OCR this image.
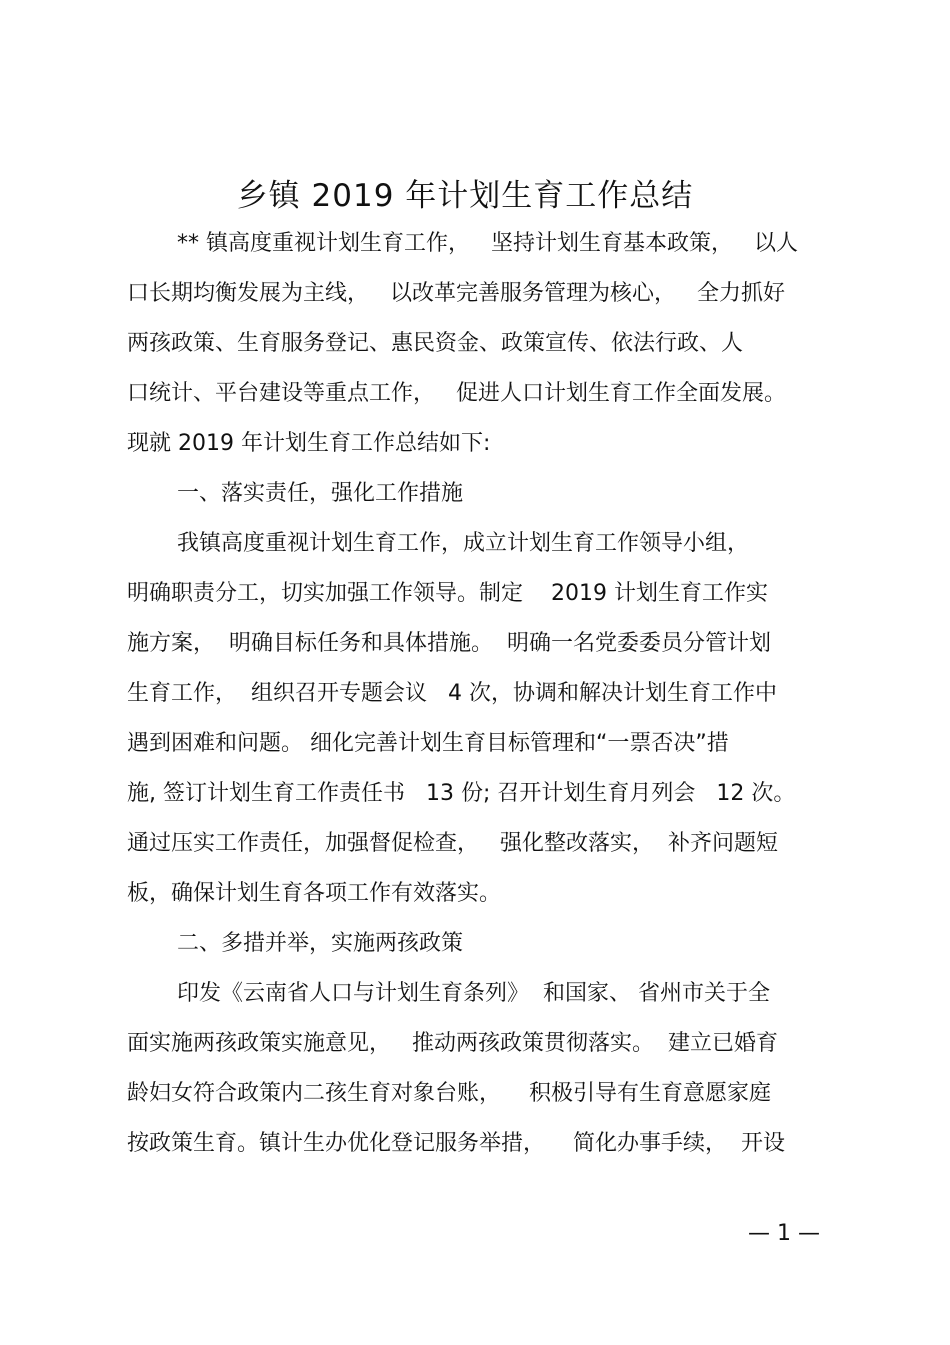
乡镇 2019 年计划生育工作总结
** 镇高度重视计划生育工作，   坚持计划生育基本政策，   以人
口长期均衡发展为主线，   以改革完善服务管理为核心，   全力抓好
两孩政策、生育服务登记、惠民资金、政策宣传、依法行政、人
口统计、平台建设等重点工作，   促进人口计划生育工作全面发展。
现就 2019 年计划生育工作总结如下:
一、落实责任，强化工作措施
我镇高度重视计划生育工作，成立计划生育工作领导小组，
明确职责分工，切实加强工作领导。制定    2019 计划生育工作实
施方案，  明确目标任务和具体措施。  明确一名党委委员分管计划
生育工作，  组织召开专题会议   4 次，协调和解决计划生育工作中
遇到困难和问题。 细化完善计划生育目标管理和“一票否决”措
施, 签订计划生育工作责任书   13 份; 召开计划生育月列会   12 次。
通过压实工作责任，加强督促检查，   强化整改落实，  补齐问题短
板，确保计划生育各项工作有效落实。
二、多措并举，实施两孩政策
印发《云南省人口与计划生育条列》  和国家、 省州市关于全
面实施两孩政策实施意见，   推动两孩政策贯彻落实。  建立已婚育
龄妇女符合政策内二孩生育对象台账，    积极引导有生育意愿家庭
按政策生育。镇计生办优化登记服务举措，    简化办事手续，  开设
— 1 —
